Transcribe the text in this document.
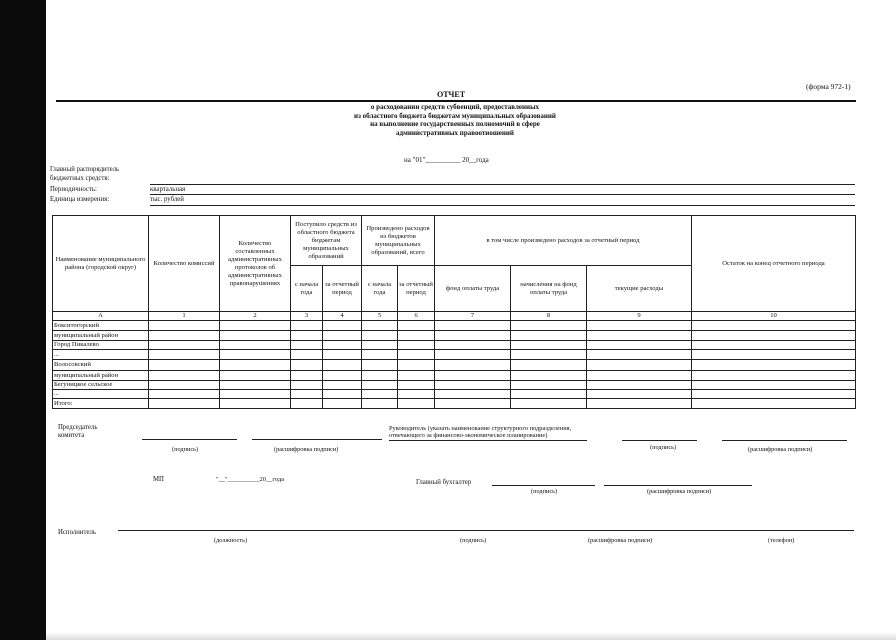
(форма 972-1)
ОТЧЕТ
о расходовании средств субвенций, предоставленных
из областного бюджета бюджетам муниципальных образований
на выполнение государственных полномочий в сфере
административных правоотношений
на "01"__________ 20__года
Главный распорядитель
бюджетных средств:
Периодичность:	квартальная
Единица измерения:	тыс. рублей
Наименование муниципального района (городской округ)	Количество комиссий	Количество составленных административных протоколов об административных правонарушениях	Поступило средств из областного бюджета бюджетам муниципальных образований		Произведено расходов из бюджетов муниципальных образований, всего		в том числе произведено расходов за отчетный период			Остаток на конец отчетного периода
			с начала года	за отчетный период	с начала года	за отчетный период	фонд оплаты труда	начисления на фонд оплаты труда	текущие расходы	
А	1	2	3	4	5	6	7	8	9	10
Бокситогорский										
муниципальный район										
Город Пикалево										
...										
Волосовский										
муниципальный район										
Бегуницкое сельское										
...										
Итого:										
Председатель
комитета
(подпись)	(расшифровка подписи)
Руководитель (указать наименование структурного подразделения,
отвечающего за финансово-экономическое планирование)
(подпись)	(расшифровка подписи)
МП	"__"__________20__года	Главный бухгалтер
(подпись)	(расшифровка подписи)
Исполнитель
(должность)	(подпись)	(расшифровка подписи)	(телефон)
